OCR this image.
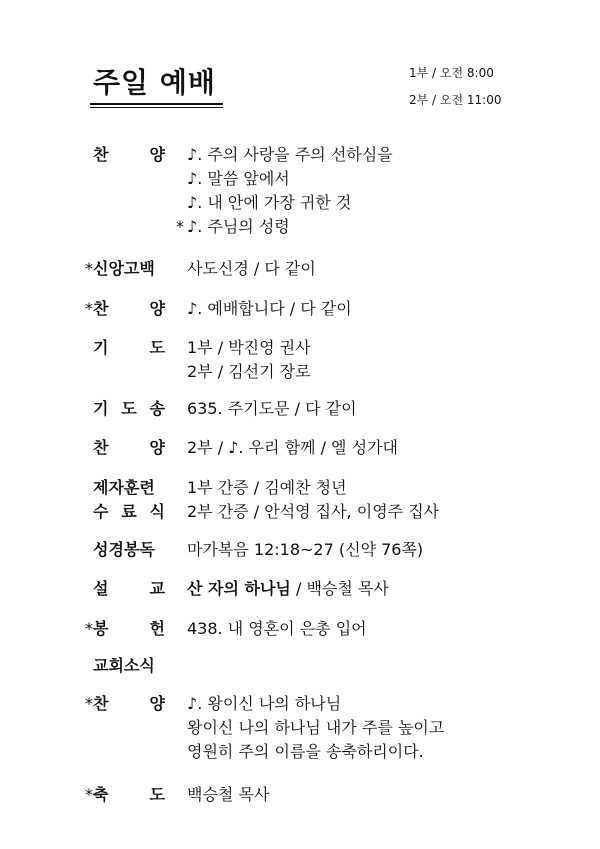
주일 예배	1부 / 오전 8:00
2부 / 오전 11:00
찬	양 ♪. 주의 사랑을 주의 선하심을
♪. 말씀 앞에서
♪. 내 안에 가장 귀한 것
* ♪. 주님의 성령
* 신앙고백	사도신경 / 다 같이
* 찬	양 ♪. 예배합니다 / 다 같이
기	도 1부 / 박진영 권사
2부 / 김선기 장로
기 도 송 635. 주기도문 / 다 같이
찬	양 2부 / ♪. 우리 함께 / 엘 성가대
제자훈련	1부 간증 / 김예찬 청년
수 료 식 2부 간증 / 안석영 집사, 이영주 집사
성경봉독	마가복음 12:18~27 (신약 76쪽)
설	교 산 자의 하나님 / 백승철 목사
* 봉	헌 438. 내 영혼이 은총 입어
교회소식
* 찬	양 ♪. 왕이신 나의 하나님
왕이신 나의 하나님 내가 주를 높이고
영원히 주의 이름을 송축하리이다.
* 축	도 백승철 목사
